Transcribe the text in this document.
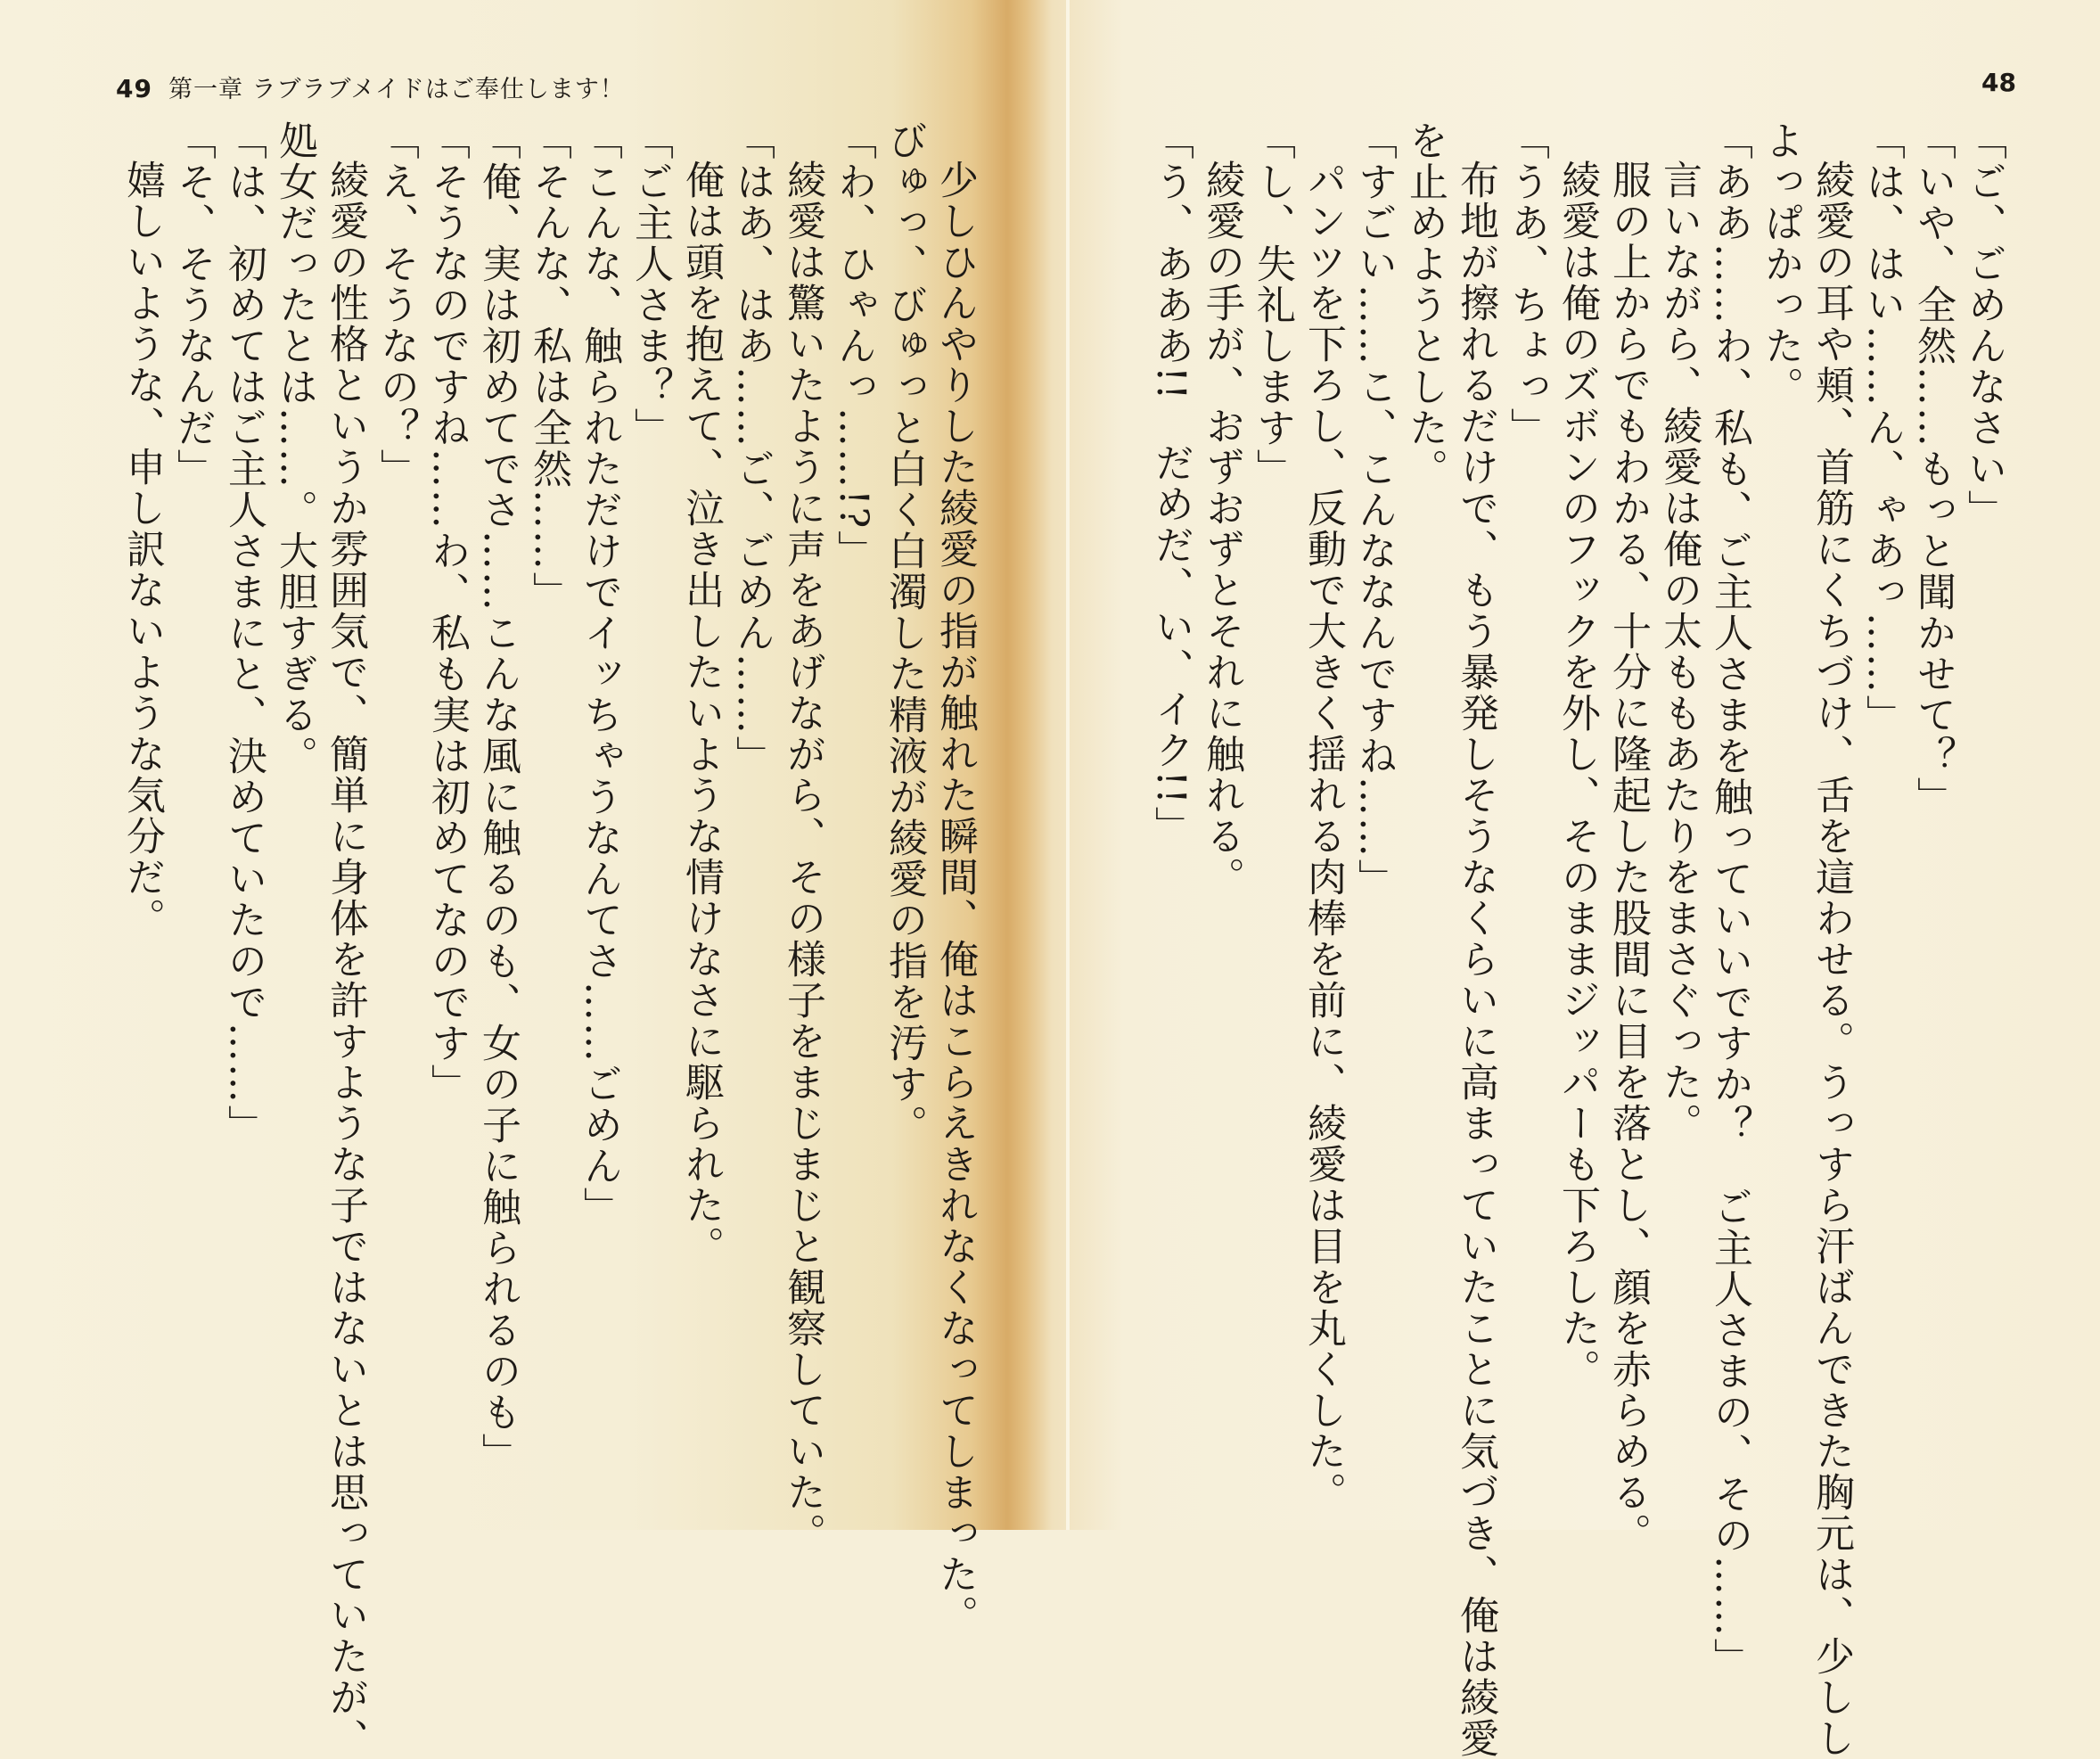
49 第一章 ラブラブメイドはご奉仕します！
少しひんやりした綾愛の指が触れた瞬間、俺はこらえきれなくなってしまった。
びゅっ、びゅっと白く白濁した精液が綾愛の指を汚す。
「わ、ひゃんっ……!?」
綾愛は驚いたように声をあげながら、その様子をまじまじと観察していた。
「はあ、はあ……ご、ごめん……」
俺は頭を抱えて、泣き出したいような情けなさに駆られた。
「ご主人さま？」
「こんな、触られただけでイッちゃうなんてさ……ごめん」
「そんな、私は全然……」
「俺、実は初めてでさ……こんな風に触るのも、女の子に触られるのも」
「そうなのですね……わ、私も実は初めてなのです」
「え、そうなの？」
綾愛の性格というか雰囲気で、簡単に身体を許すような子ではないとは思っていたが、
処女だったとは……。大胆すぎる。
「は、初めてはご主人さまにと、決めていたので……」
「そ、そうなんだ」
嬉しいような、申し訳ないような気分だ。
48
「ご、ごめんなさい」
「いや、全然……もっと聞かせて？」
「は、はい……ん、ゃあっ……」
綾愛の耳や頬、首筋にくちづけ、舌を這わせる。うっすら汗ばんできた胸元は、少しし
よっぱかった。
「ああ……わ、私も、ご主人さまを触っていいですか？　ご主人さまの、その……」
言いながら、綾愛は俺の太ももあたりをまさぐった。
服の上からでもわかる、十分に隆起した股間に目を落とし、顔を赤らめる。
綾愛は俺のズボンのフックを外し、そのままジッパーも下ろした。
「うあ、ちょっ」
布地が擦れるだけで、もう暴発しそうなくらいに高まっていたことに気づき、俺は綾愛
を止めようとした。
「すごい……こ、こんななんですね……」
パンツを下ろし、反動で大きく揺れる肉棒を前に、綾愛は目を丸くした。
「し、失礼します」
綾愛の手が、おずおずとそれに触れる。
「う、あああ!!　だめだ、い、イク!!」
